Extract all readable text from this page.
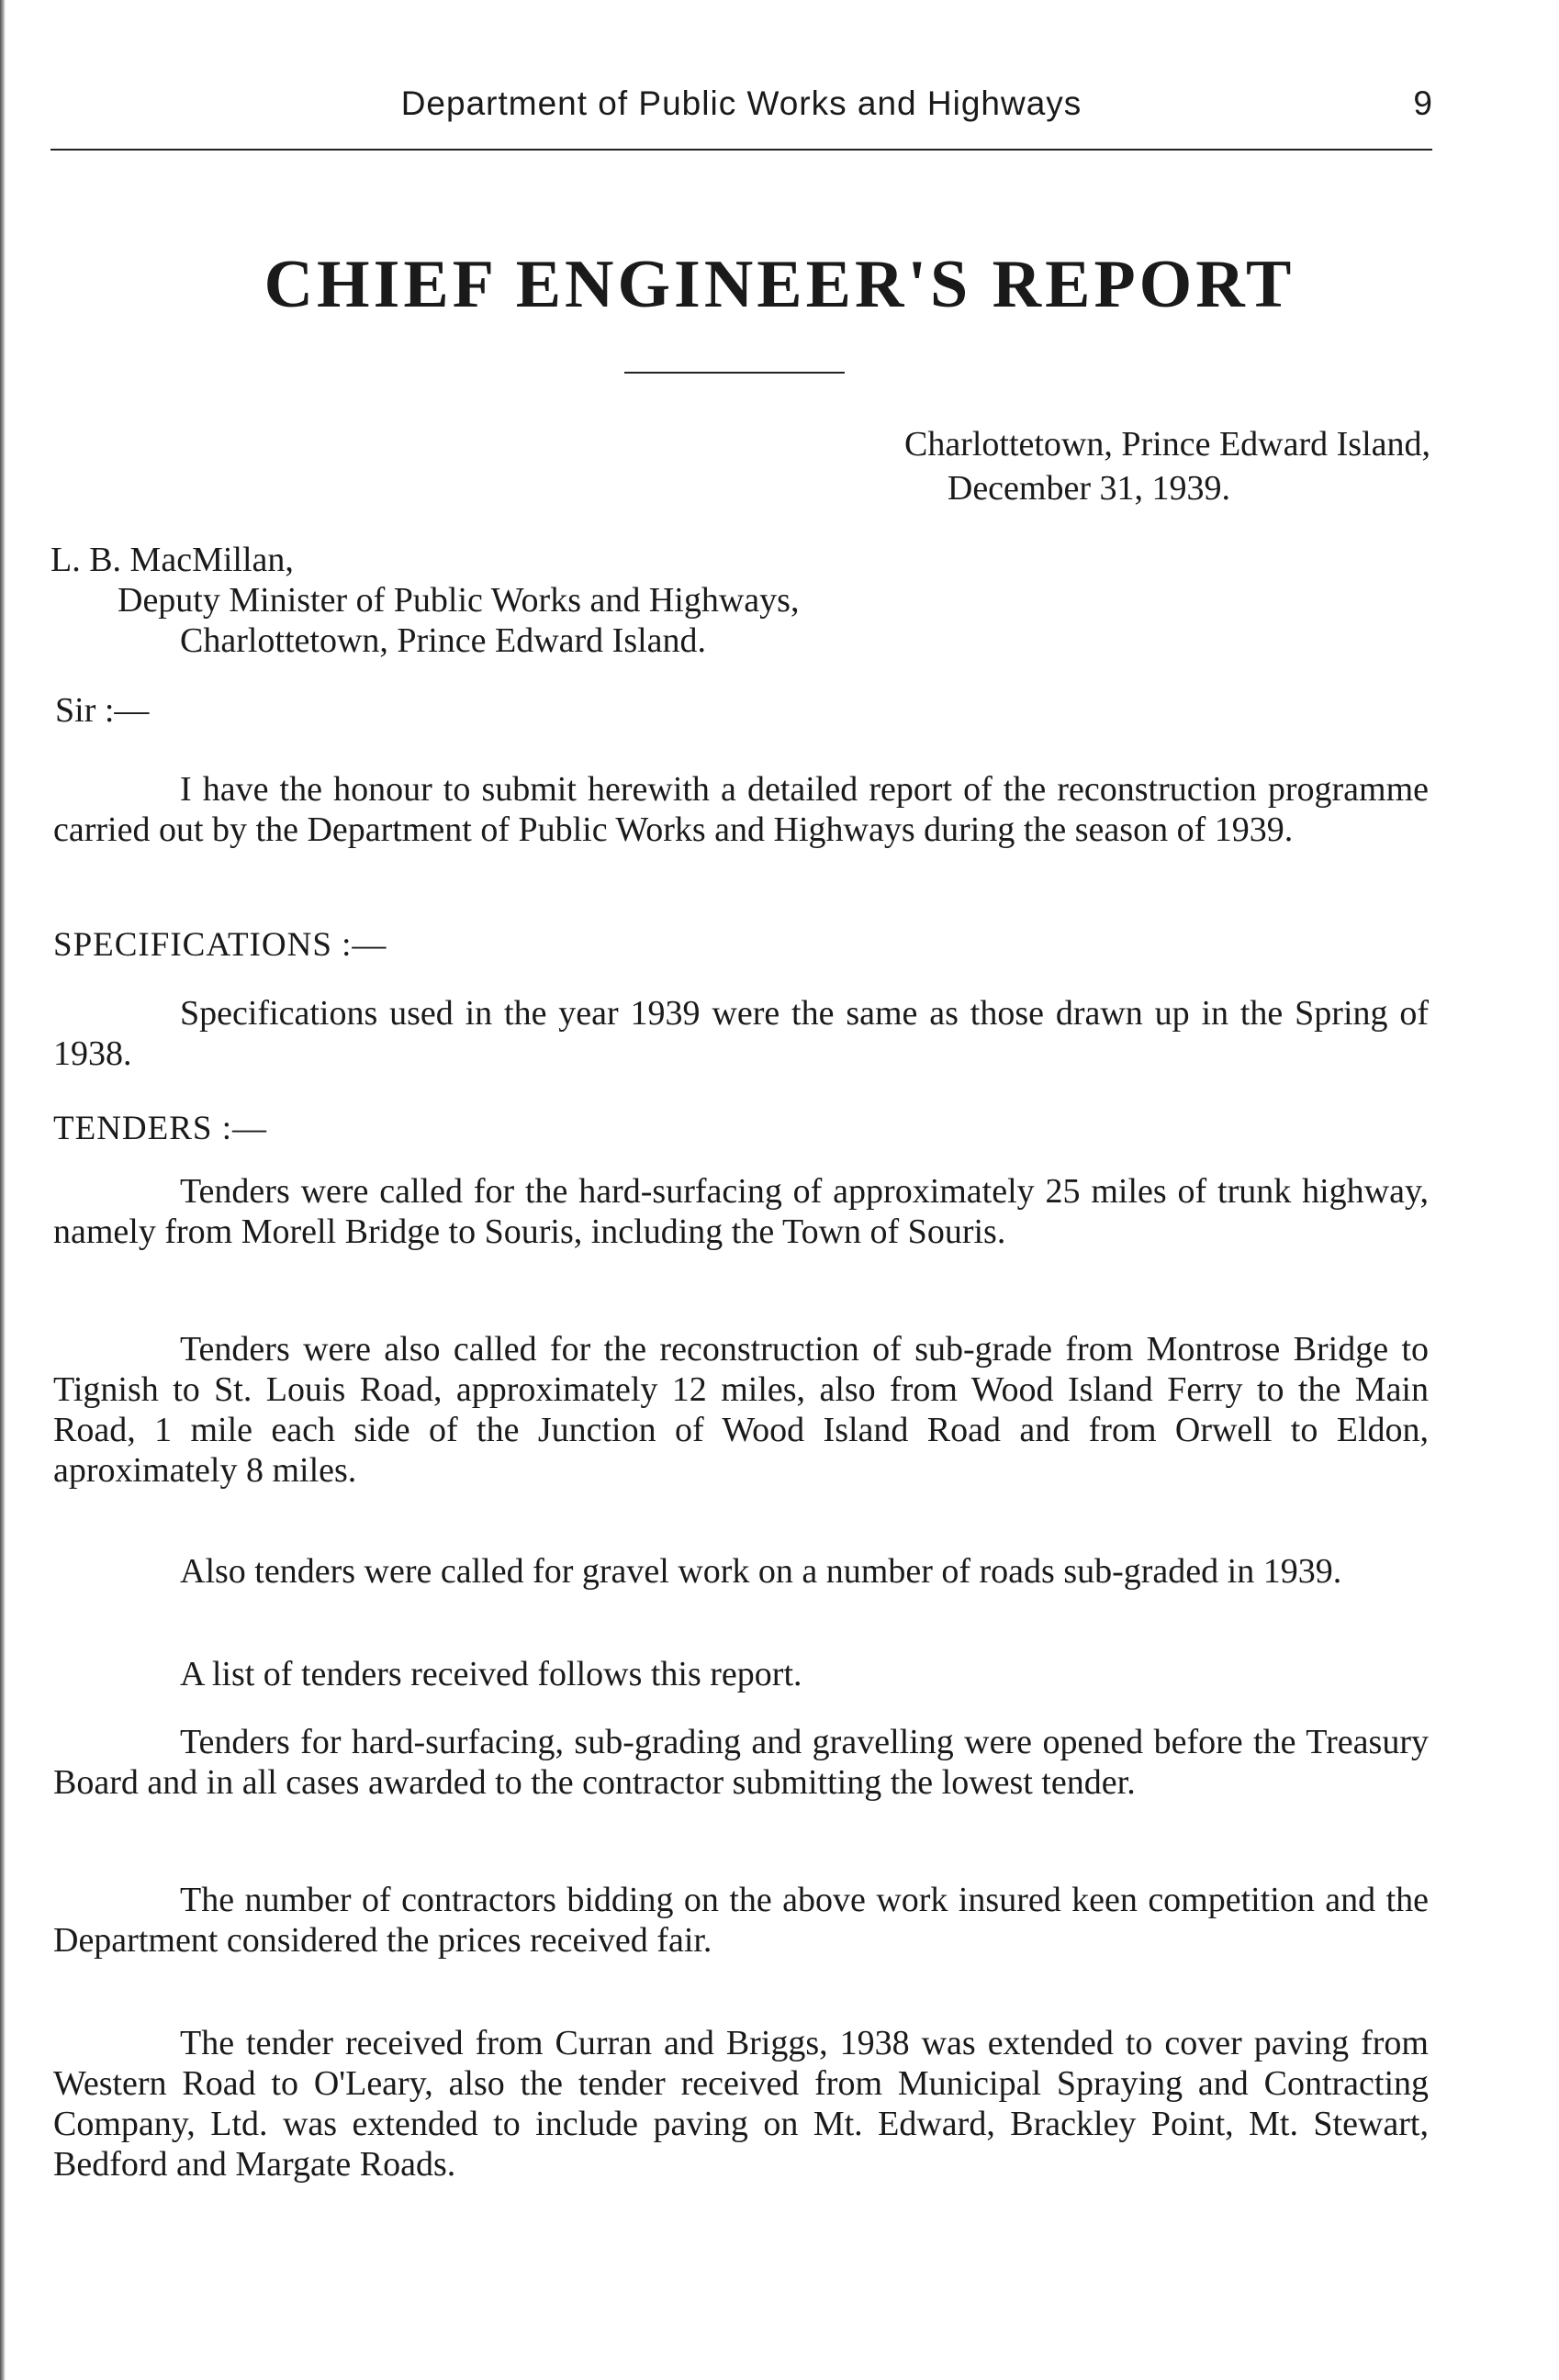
Department of Public Works and Highways	9
CHIEF ENGINEER'S REPORT
Charlottetown, Prince Edward Island,
December 31, 1939.
L. B. MacMillan,
Deputy Minister of Public Works and Highways,
Charlottetown, Prince Edward Island.
Sir :—
I have the honour to submit herewith a detailed report of the reconstruction programme carried out by the Department of Public Works and Highways during the season of 1939.
SPECIFICATIONS :—
Specifications used in the year 1939 were the same as those drawn up in the Spring of 1938.
TENDERS :—
Tenders were called for the hard-surfacing of approximately 25 miles of trunk highway, namely from Morell Bridge to Souris, including the Town of Souris.
Tenders were also called for the reconstruction of sub-grade from Montrose Bridge to Tignish to St. Louis Road, approximately 12 miles, also from Wood Island Ferry to the Main Road, 1 mile each side of the Junction of Wood Island Road and from Orwell to Eldon, aproximately 8 miles.
Also tenders were called for gravel work on a number of roads sub-graded in 1939.
A list of tenders received follows this report.
Tenders for hard-surfacing, sub-grading and gravelling were opened before the Treasury Board and in all cases awarded to the contractor submitting the lowest tender.
The number of contractors bidding on the above work insured keen competition and the Department considered the prices received fair.
The tender received from Curran and Briggs, 1938 was extended to cover paving from Western Road to O'Leary, also the tender received from Municipal Spraying and Contracting Company, Ltd. was extended to include paving on Mt. Edward, Brackley Point, Mt. Stewart, Bedford and Margate Roads.
